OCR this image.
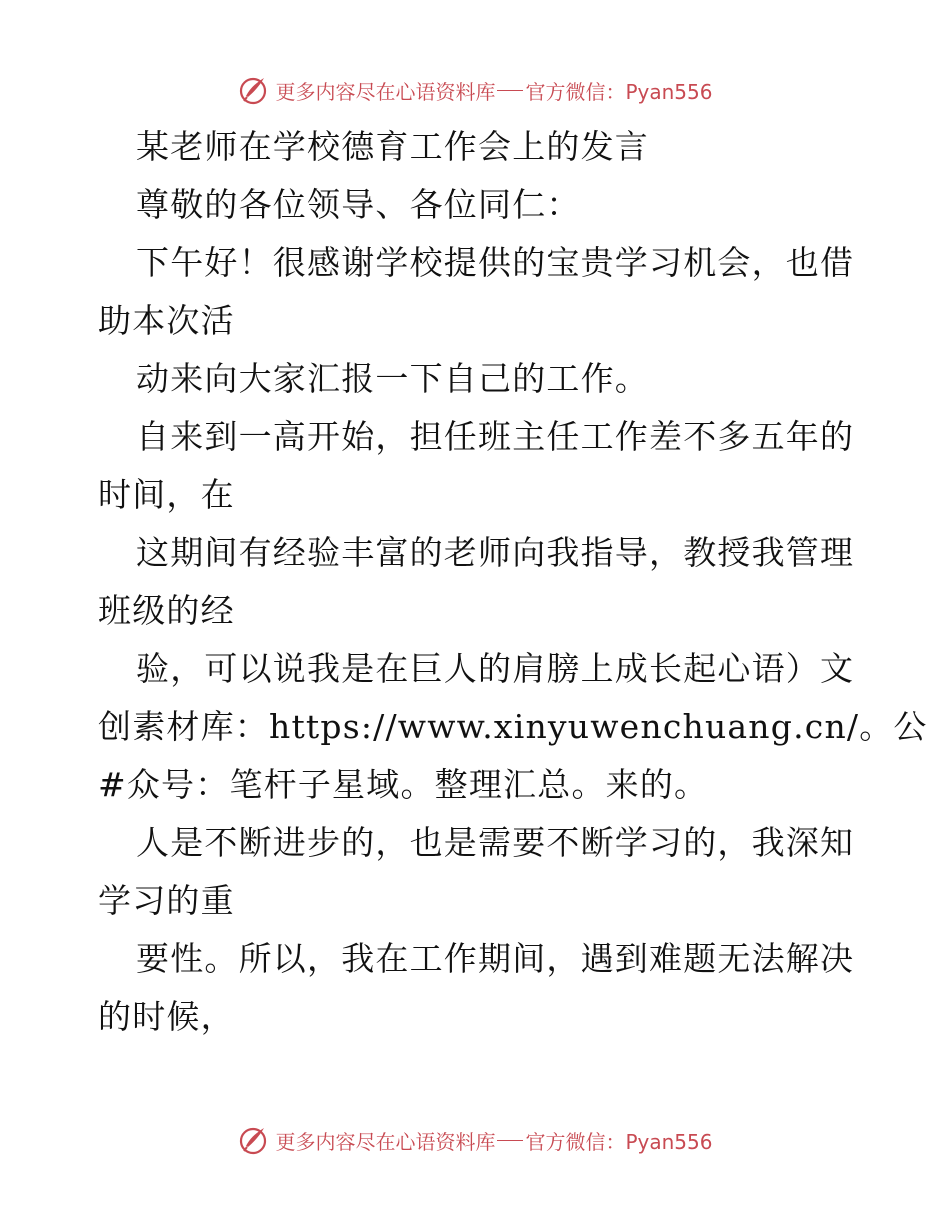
更多内容尽在心语资料库 官方微信：Pyan556
某老师在学校德育工作会上的发言
尊敬的各位领导、各位同仁：
下午好！很感谢学校提供的宝贵学习机会，也借
助本次活
动来向大家汇报一下自己的工作。
自来到一高开始，担任班主任工作差不多五年的
时间，在
这期间有经验丰富的老师向我指导，教授我管理
班级的经
验，可以说我是在巨人的肩膀上成长起心语）文
创素材库：https://www.xinyuwenchuang.cn/。公
#众号：笔杆子星域。整理汇总。来的。
人是不断进步的，也是需要不断学习的，我深知
学习的重
要性。所以，我在工作期间，遇到难题无法解决
的时候，
更多内容尽在心语资料库 官方微信：Pyan556
